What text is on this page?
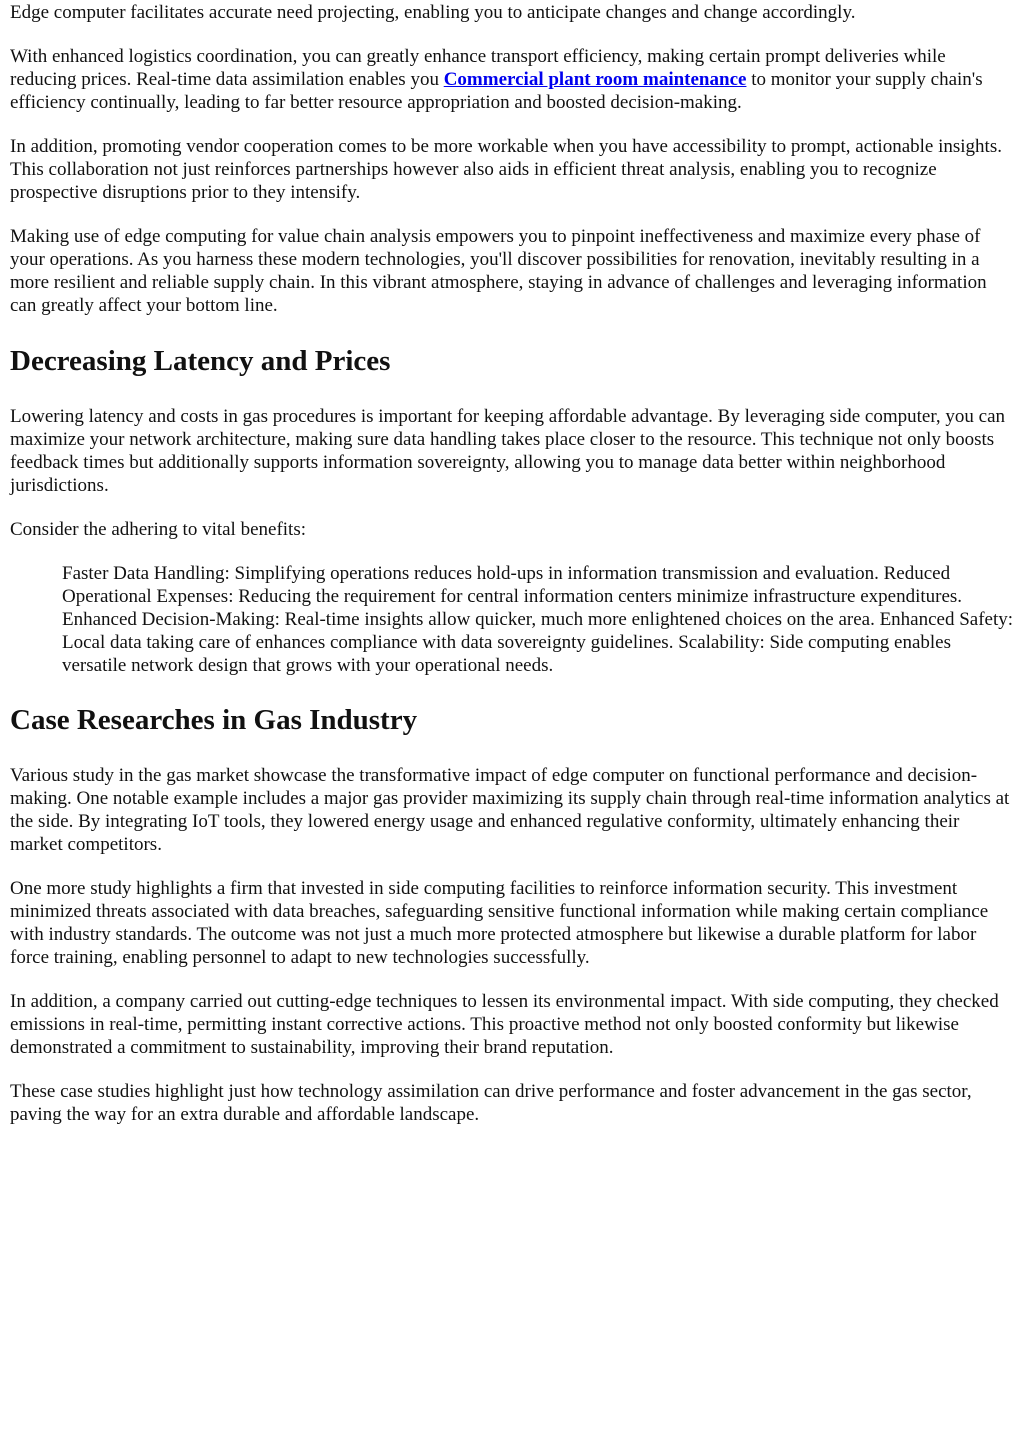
Edge computer facilitates accurate need projecting, enabling you to anticipate changes and change accordingly.

With enhanced logistics coordination, you can greatly enhance transport efficiency, making certain prompt deliveries while reducing prices. Real-time data assimilation enables you Commercial plant room maintenance to monitor your supply chain's efficiency continually, leading to far better resource appropriation and boosted decision-making.

In addition, promoting vendor cooperation comes to be more workable when you have accessibility to prompt, actionable insights. This collaboration not just reinforces partnerships however also aids in efficient threat analysis, enabling you to recognize prospective disruptions prior to they intensify.

Making use of edge computing for value chain analysis empowers you to pinpoint ineffectiveness and maximize every phase of your operations. As you harness these modern technologies, you'll discover possibilities for renovation, inevitably resulting in a more resilient and reliable supply chain. In this vibrant atmosphere, staying in advance of challenges and leveraging information can greatly affect your bottom line.

Decreasing Latency and Prices

Lowering latency and costs in gas procedures is important for keeping affordable advantage. By leveraging side computer, you can maximize your network architecture, making sure data handling takes place closer to the resource. This technique not only boosts feedback times but additionally supports information sovereignty, allowing you to manage data better within neighborhood jurisdictions.

Consider the adhering to vital benefits:

Faster Data Handling: Simplifying operations reduces hold-ups in information transmission and evaluation. Reduced Operational Expenses: Reducing the requirement for central information centers minimize infrastructure expenditures. Enhanced Decision-Making: Real-time insights allow quicker, much more enlightened choices on the area. Enhanced Safety: Local data taking care of enhances compliance with data sovereignty guidelines. Scalability: Side computing enables versatile network design that grows with your operational needs.
Case Researches in Gas Industry

Various study in the gas market showcase the transformative impact of edge computer on functional performance and decision-making. One notable example includes a major gas provider maximizing its supply chain through real-time information analytics at the side. By integrating IoT tools, they lowered energy usage and enhanced regulative conformity, ultimately enhancing their market competitors.

One more study highlights a firm that invested in side computing facilities to reinforce information security. This investment minimized threats associated with data breaches, safeguarding sensitive functional information while making certain compliance with industry standards. The outcome was not just a much more protected atmosphere but likewise a durable platform for labor force training, enabling personnel to adapt to new technologies successfully.

In addition, a company carried out cutting-edge techniques to lessen its environmental impact. With side computing, they checked emissions in real-time, permitting instant corrective actions. This proactive method not only boosted conformity but likewise demonstrated a commitment to sustainability, improving their brand reputation.

These case studies highlight just how technology assimilation can drive performance and foster advancement in the gas sector, paving the way for an extra durable and affordable landscape.
